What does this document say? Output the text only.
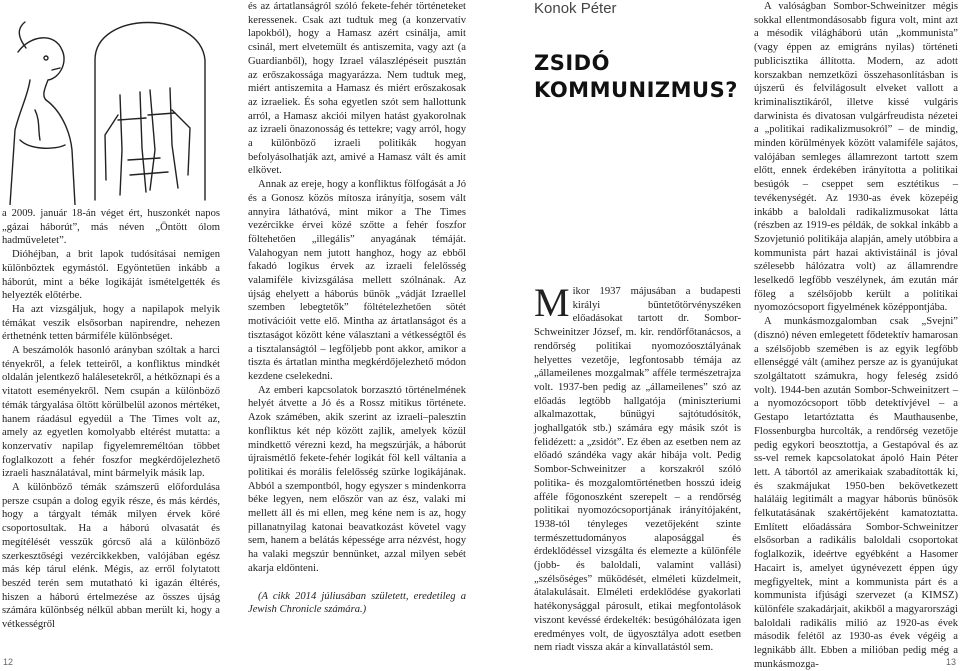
a 2009. január 18-án véget ért, huszonkét napos „gázai háborút”, más néven „Öntött ólom hadműveletet”.

Dióhéjban, a brit lapok tudósításai nemigen különböztek egymástól. Egyöntetűen inkább a háborút, mint a béke logikáját ismételgették és helyezték előtérbe.

Ha azt vizsgáljuk, hogy a napilapok melyik témákat veszik elsősorban napirendre, nehezen érthetnénk tetten bármiféle különbséget.

A beszámolók hasonló arányban szóltak a harci tényekről, a felek tetteiről, a konfliktus mindkét oldalán jelentkező halálesetekről, a hétköznapi és a vitatott eseményekről. Nem csupán a különböző témák tárgyalása öltött körülbelül azonos mértéket, hanem ráadásul egyedül a The Times volt az, amely az egyetlen komolyabb eltérést mutatta: a konzervatív napilap figyelemreméltóan többet foglalkozott a fehér foszfor megkérdőjelezhető izraeli használatával, mint bármelyik másik lap.

A különböző témák számszerű előfordulása persze csupán a dolog egyik része, és más kérdés, hogy a tárgyalt témák milyen érvek köré csoportosultak. Ha a háború olvasatát és megítélését vesszük górcső alá a különböző szerkesztőségi vezércikkekben, valójában egész más kép tárul elénk. Mégis, az erről folytatott beszéd terén sem mutatható ki igazán éltérés, hiszen a háború értelmezése az összes újság számára különbség nélkül abban merült ki, hogy a vétkességről

és az ártatlanságról szóló fekete-fehér történeteket keressenek. Csak azt tudtuk meg (a konzervatív lapokból), hogy a Hamasz azért csinálja, amit csinál, mert elvetemült és antiszemita, vagy azt (a Guardianből), hogy Izrael válaszlépéseit pusztán az erőszakossága magyarázza. Nem tudtuk meg, miért antiszemita a Hamasz és miért erőszakosak az izraeliek. És soha egyetlen szót sem hallottunk arról, a Hamasz akciói milyen hatást gyakorolnak az izraeli önazonosság és tettekre; vagy arról, hogy a különböző izraeli politikák hogyan befolyásolhatják azt, amivé a Hamasz vált és amit elkövet.

Annak az ereje, hogy a konfliktus fölfogását a Jó és a Gonosz közös mítosza irányítja, sosem vált annyira láthatóvá, mint mikor a The Times vezércikke érvei közé szőtte a fehér foszfor föltehetően „illegális” anyagának témáját. Valahogyan nem jutott hanghoz, hogy az ebből fakadó logikus érvek az izraeli felelősség valamiféle kivizsgálása mellett szólnának. Az újság ehelyett a háborús bűnök „vádját Izraellel szemben lebegtetők” föltételezhetően sötét motivációit vette elő. Mintha az ártatlanságot és a tisztaságot között kéne választani a vétkességtől és a tisztalanságtól – legföljebb pont akkor, amikor a tiszta és ártatlan mintha megkérdőjelezhető módon kezdene cselekedni.

Az emberi kapcsolatok borzasztó történelmének helyét átvette a Jó és a Rossz mitikus története. Azok számében, akik szerint az izraeli–palesztin konfliktus két nép között zajlik, amelyek közül mindkettő vérezni kezd, ha megszúrják, a háborút újraismétlő fekete-fehér logikát föl kell váltania a politikai és morális felelősség szürke logikájának. Abból a szempontból, hogy egyszer s mindenkorra béke legyen, nem először van az ész, valaki mi mellett áll és mi ellen, meg kéne nem is az, hogy pillanatnyilag katonai beavatkozást követel vagy sem, hanem a belátás képessége arra nézvést, hogy ha valaki megszúr bennünket, azzal milyen sebét akarja eldönteni.

(A cikk 2014 júliusában született, eredetileg a Jewish Chronicle számára.)

Konok Péter
ZSIDÓ KOMMUNIZMUS?

M ikor 1937 májusában a budapesti királyi büntetőtörvényszéken előadásokat tartott dr. Sombor-Schweinitzer József, m. kir. rendőrfőtanácsos, a rendőrség politikai nyomozóosztályának helyettes vezetője, legfontosabb témája az „állameilenes mozgalmak” afféle természetrajza volt. 1937-ben pedig az „állameilenes” szó az előadás legtöbb hallgatója (miniszteriumi alkalmazottak, bűnügyi sajtótudósítók, joghallgatók stb.) számára egy másik szót is felidézett: a „zsidót”. Ez ében az esetben nem az előadó szándéka vagy akár hibája volt. Pedig Sombor-Schweinitzer a korszakról szóló politika- és mozgalomtörténetben hosszú ideig afféle főgonoszként szerepelt – a rendőrség politikai nyomozócsoportjának irányítójaként, 1938-tól tényleges vezetőjeként szinte természettudományos alaposággal és érdeklődéssel vizsgálta és elemezte a különféle (jobb- és baloldali, valamint vallási) „szélsőséges” működését, elméleti küzdelmeit, átalakulásait. Elméleti erdeklődése gyakorlati hatékonysággal párosult, etikai megfontolások viszont kevéssé érdekelték: besúgóhálózata igen eredményes volt, de ügyosztálya adott esetben nem riadt vissza akár a kínvallatástól sem.

A valóságban Sombor-Schweinitzer mégis sokkal ellentmondásosabb figura volt, mint azt a mésodik világháború után „kommunista” (vagy éppen az emigráns nyilas) történeti publicisztika állította. Modern, az adott korszakban nemzetközi összehasonlításban is újszerű és felvilágosult elveket vallott a kriminalisztikáról, illetve kissé vulgáris darwinista és divatosan vulgárfreudista nézetei a „politikai radikalizmusokról” – de mindig, minden körülmények között valamiféle sajátos, valójában semleges államrezont tartott szem előtt, ennek érdekében irányította a politikai besúgók – cseppet sem esztétikus – tevékenységét. Az 1930-as évek közepéig inkább a baloldali radikalizmusokat látta (részben az 1919-es példák, de sokkal inkább a Szovjetunió politikája alapján, amely utóbbira a kommunista párt hazai aktivistáinál is jóval szélesebb hálózatra volt) az államrendre leselkedő legfőbb veszélynek, ám ezután már főleg a szélsőjobb került a politikai nyomozócsoport figyelmének középpontjába.

A munkásmozgalomban csak „Svejni” (disznó) néven emlegetett fődetektív hamarosan a szélsőjobb szemében is az egyik legfőbb ellenséggé vált (amihez persze az is gyanújukat szolgáltatott számukra, hogy feleség zsidó volt). 1944-ben azután Sombor-Schweinitzert – a nyomozócsoport több detektívjével – a Gestapo letartóztatta és Mauthausenbe, Flossenburgba hurcolták, a rendőrség vezetője pedig egykori beosztottja, a Gestapóval és az ss-vel remek kapcsolatokat ápoló Hain Péter lett. A tábortól az amerikaiak szabadították ki, és szakmájukat 1950-ben bekövetkezett haláláig legitimált a magyar háborús bűnösök felkutatásának szakértőjeként kamatoztatta. Említett előadássára Sombor-Schweinitzer elsősorban a radikális baloldali csoportokat foglalkozik, ideértve egyébként a Hasomer Hacairt is, amelyet úgynévezett éppen úgy megfigyeltek, mint a kommunista párt és a kommunista ifjúsági szervezet (a KIMSZ) különféle szakadárjait, akikből a magyarországi baloldali radikális milió az 1920-as évek második felétől az 1930-as évek végéig a legnikább állt. Ebben a milióban pedig még a munkásmozga-

12	13
